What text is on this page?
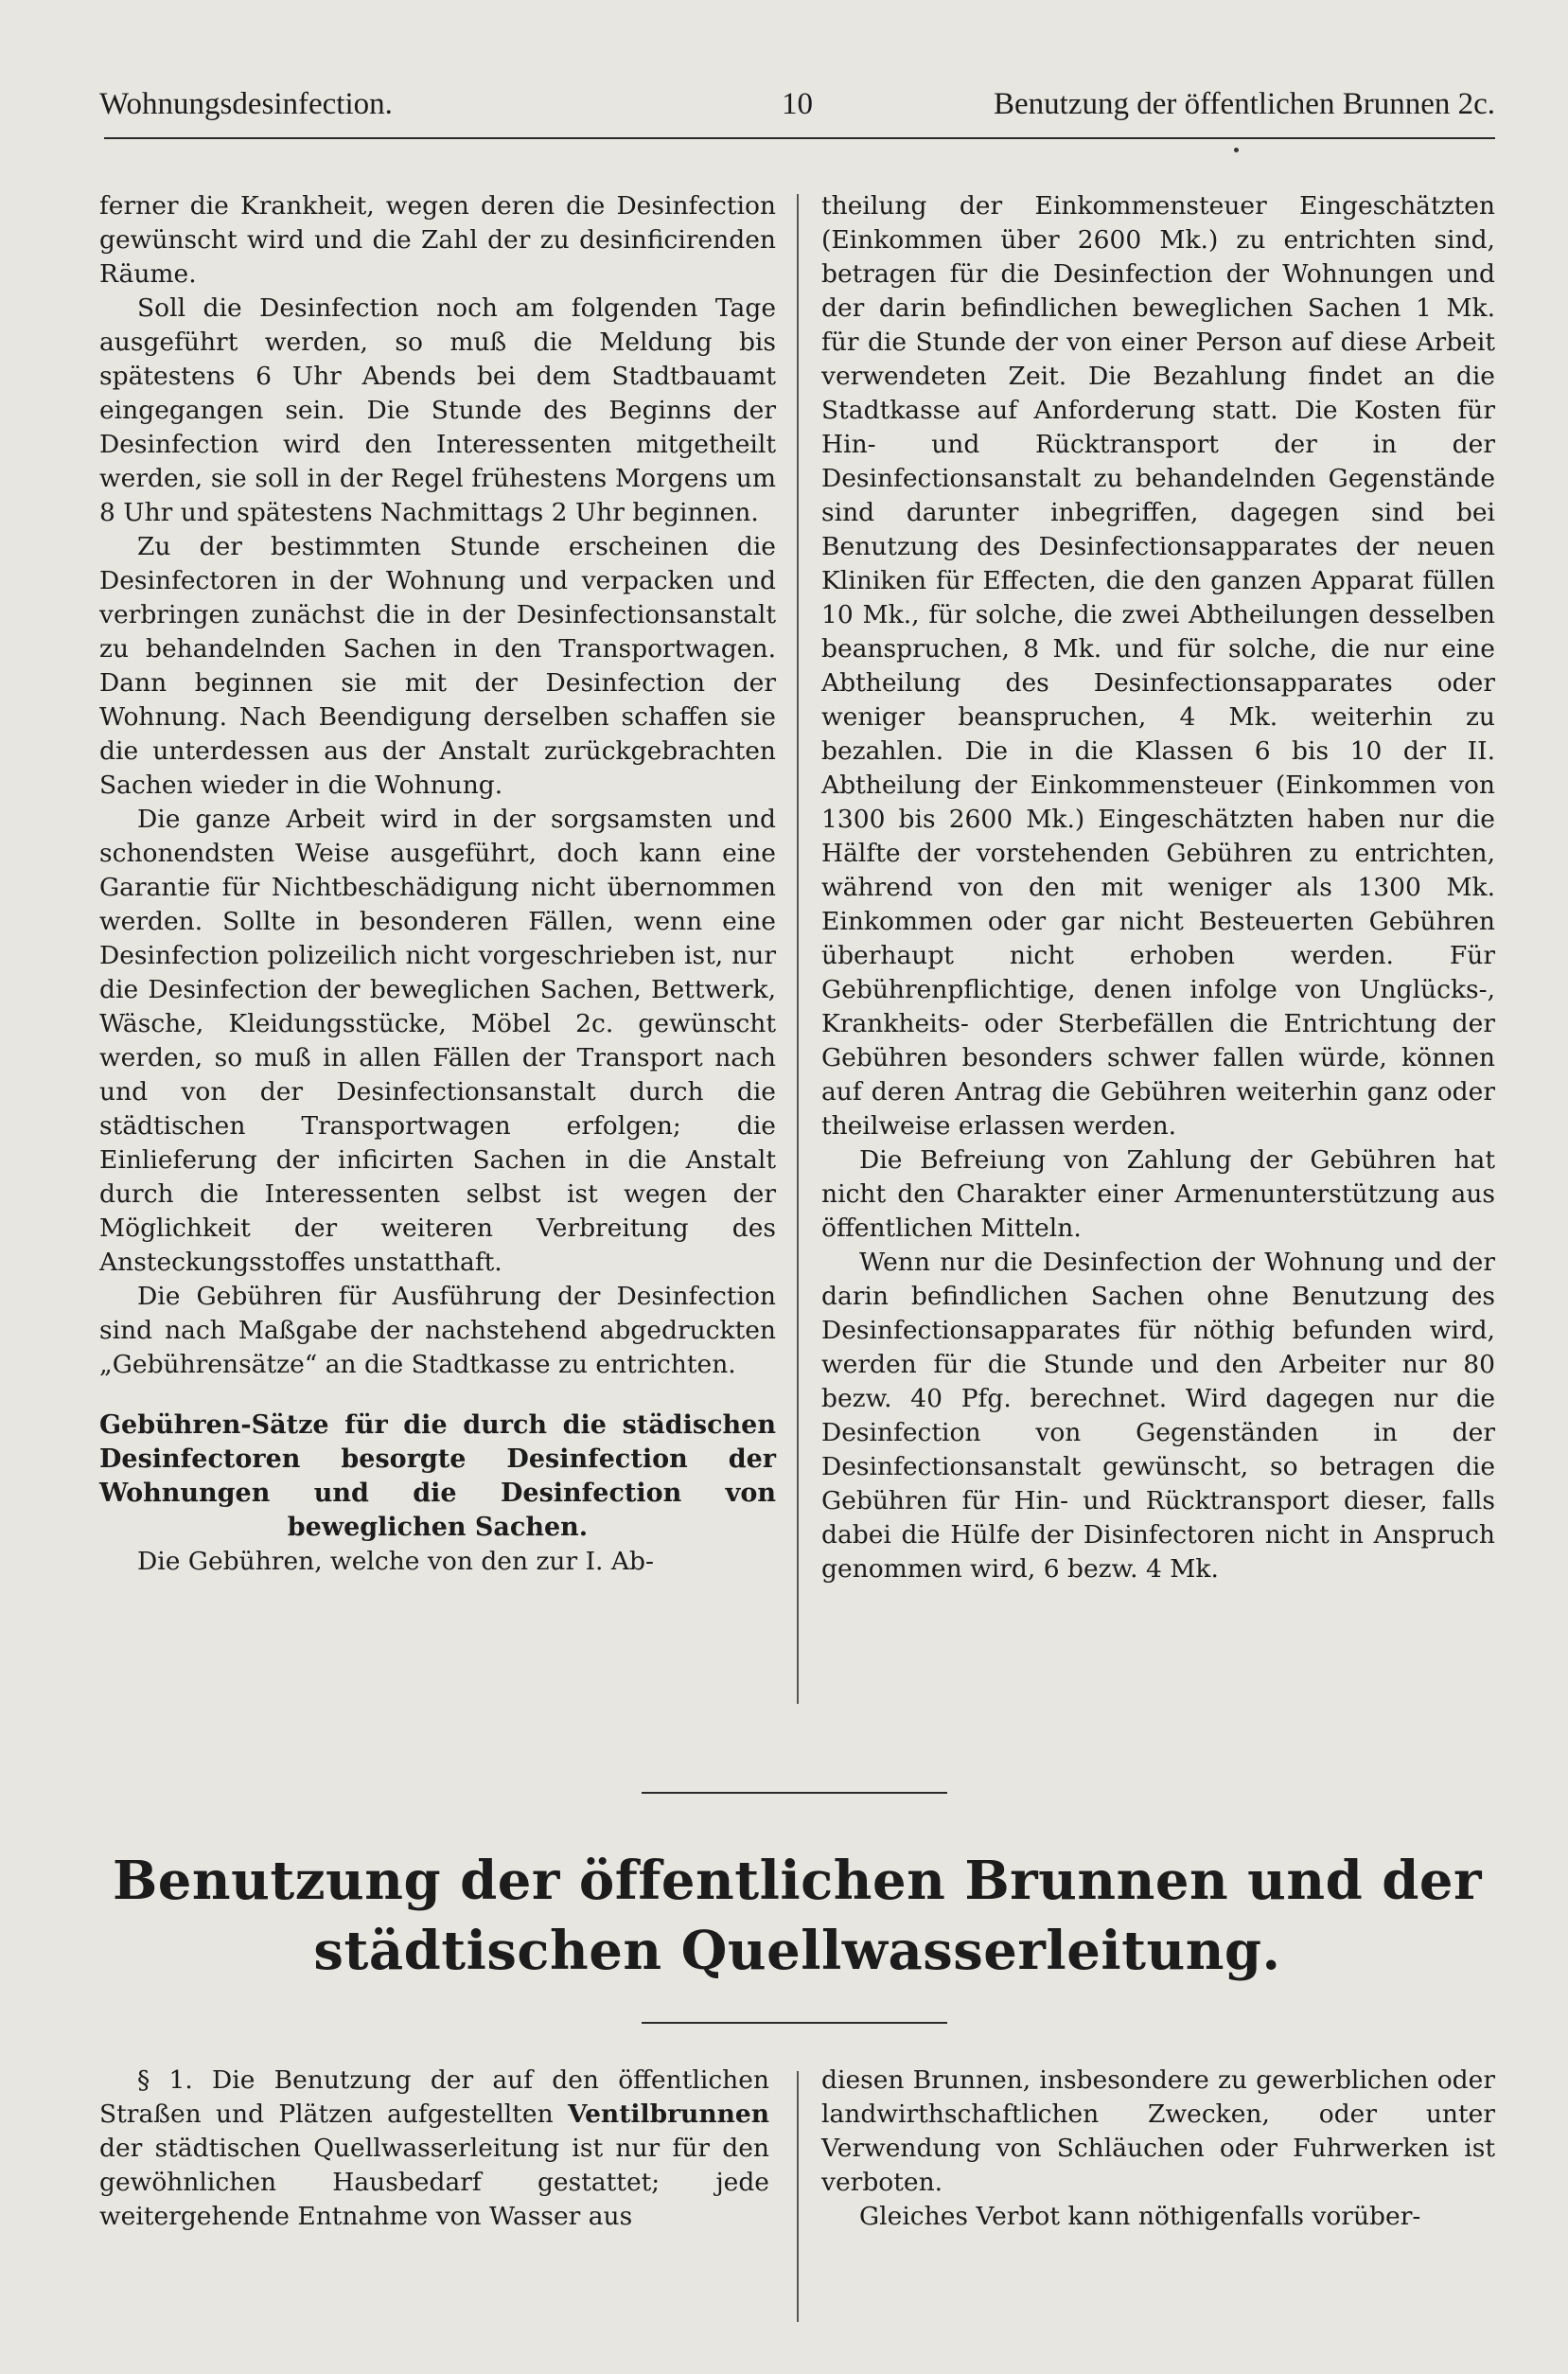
Wohnungsdesinfection.	10	Benutzung der öffentlichen Brunnen 2c.

ferner die Krankheit, wegen deren die Desinfection gewünscht wird und die Zahl der zu desinficirenden Räume.

Soll die Desinfection noch am folgenden Tage ausgeführt werden, so muß die Meldung bis spätestens 6 Uhr Abends bei dem Stadtbauamt eingegangen sein. Die Stunde des Beginns der Desinfection wird den Interessenten mitgetheilt werden, sie soll in der Regel frühestens Morgens um 8 Uhr und spätestens Nachmittags 2 Uhr beginnen.

Zu der bestimmten Stunde erscheinen die Desinfectoren in der Wohnung und verpacken und verbringen zunächst die in der Desinfectionsanstalt zu behandelnden Sachen in den Transportwagen. Dann beginnen sie mit der Desinfection der Wohnung. Nach Beendigung derselben schaffen sie die unterdessen aus der Anstalt zurückgebrachten Sachen wieder in die Wohnung.

Die ganze Arbeit wird in der sorgsamsten und schonendsten Weise ausgeführt, doch kann eine Garantie für Nichtbeschädigung nicht übernommen werden. Sollte in besonderen Fällen, wenn eine Desinfection polizeilich nicht vorgeschrieben ist, nur die Desinfection der beweglichen Sachen, Bettwerk, Wäsche, Kleidungsstücke, Möbel 2c. gewünscht werden, so muß in allen Fällen der Transport nach und von der Desinfectionsanstalt durch die städtischen Transportwagen erfolgen; die Einlieferung der inficirten Sachen in die Anstalt durch die Interessenten selbst ist wegen der Möglichkeit der weiteren Verbreitung des Ansteckungsstoffes unstatthaft.

Die Gebühren für Ausführung der Desinfection sind nach Maßgabe der nachstehend abgedruckten „Gebührensätze“ an die Stadtkasse zu entrichten.

Gebühren-Sätze für die durch die städischen Desinfectoren besorgte Desinfection der Wohnungen und die Desinfection von beweglichen Sachen.

Die Gebühren, welche von den zur I. Ab-

theilung der Einkommensteuer Eingeschätzten (Einkommen über 2600 Mk.) zu entrichten sind, betragen für die Desinfection der Wohnungen und der darin befindlichen beweglichen Sachen 1 Mk. für die Stunde der von einer Person auf diese Arbeit verwendeten Zeit. Die Bezahlung findet an die Stadtkasse auf Anforderung statt. Die Kosten für Hin- und Rücktransport der in der Desinfectionsanstalt zu behandelnden Gegenstände sind darunter inbegriffen, dagegen sind bei Benutzung des Desinfectionsapparates der neuen Kliniken für Effecten, die den ganzen Apparat füllen 10 Mk., für solche, die zwei Abtheilungen desselben beanspruchen, 8 Mk. und für solche, die nur eine Abtheilung des Desinfectionsapparates oder weniger beanspruchen, 4 Mk. weiterhin zu bezahlen. Die in die Klassen 6 bis 10 der II. Abtheilung der Einkommensteuer (Einkommen von 1300 bis 2600 Mk.) Eingeschätzten haben nur die Hälfte der vorstehenden Gebühren zu entrichten, während von den mit weniger als 1300 Mk. Einkommen oder gar nicht Besteuerten Gebühren überhaupt nicht erhoben werden. Für Gebührenpflichtige, denen infolge von Unglücks-, Krankheits- oder Sterbefällen die Entrichtung der Gebühren besonders schwer fallen würde, können auf deren Antrag die Gebühren weiterhin ganz oder theilweise erlassen werden.

Die Befreiung von Zahlung der Gebühren hat nicht den Charakter einer Armenunterstützung aus öffentlichen Mitteln.

Wenn nur die Desinfection der Wohnung und der darin befindlichen Sachen ohne Benutzung des Desinfectionsapparates für nöthig befunden wird, werden für die Stunde und den Arbeiter nur 80 bezw. 40 Pfg. berechnet. Wird dagegen nur die Desinfection von Gegenständen in der Desinfectionsanstalt gewünscht, so betragen die Gebühren für Hin- und Rücktransport dieser, falls dabei die Hülfe der Disinfectoren nicht in Anspruch genommen wird, 6 bezw. 4 Mk.

Benutzung der öffentlichen Brunnen und der
städtischen Quellwasserleitung.

§ 1. Die Benutzung der auf den öffentlichen Straßen und Plätzen aufgestellten Ventilbrunnen der städtischen Quellwasserleitung ist nur für den gewöhnlichen Hausbedarf gestattet; jede weitergehende Entnahme von Wasser aus

diesen Brunnen, insbesondere zu gewerblichen oder landwirthschaftlichen Zwecken, oder unter Verwendung von Schläuchen oder Fuhrwerken ist verboten.

Gleiches Verbot kann nöthigenfalls vorüber-
